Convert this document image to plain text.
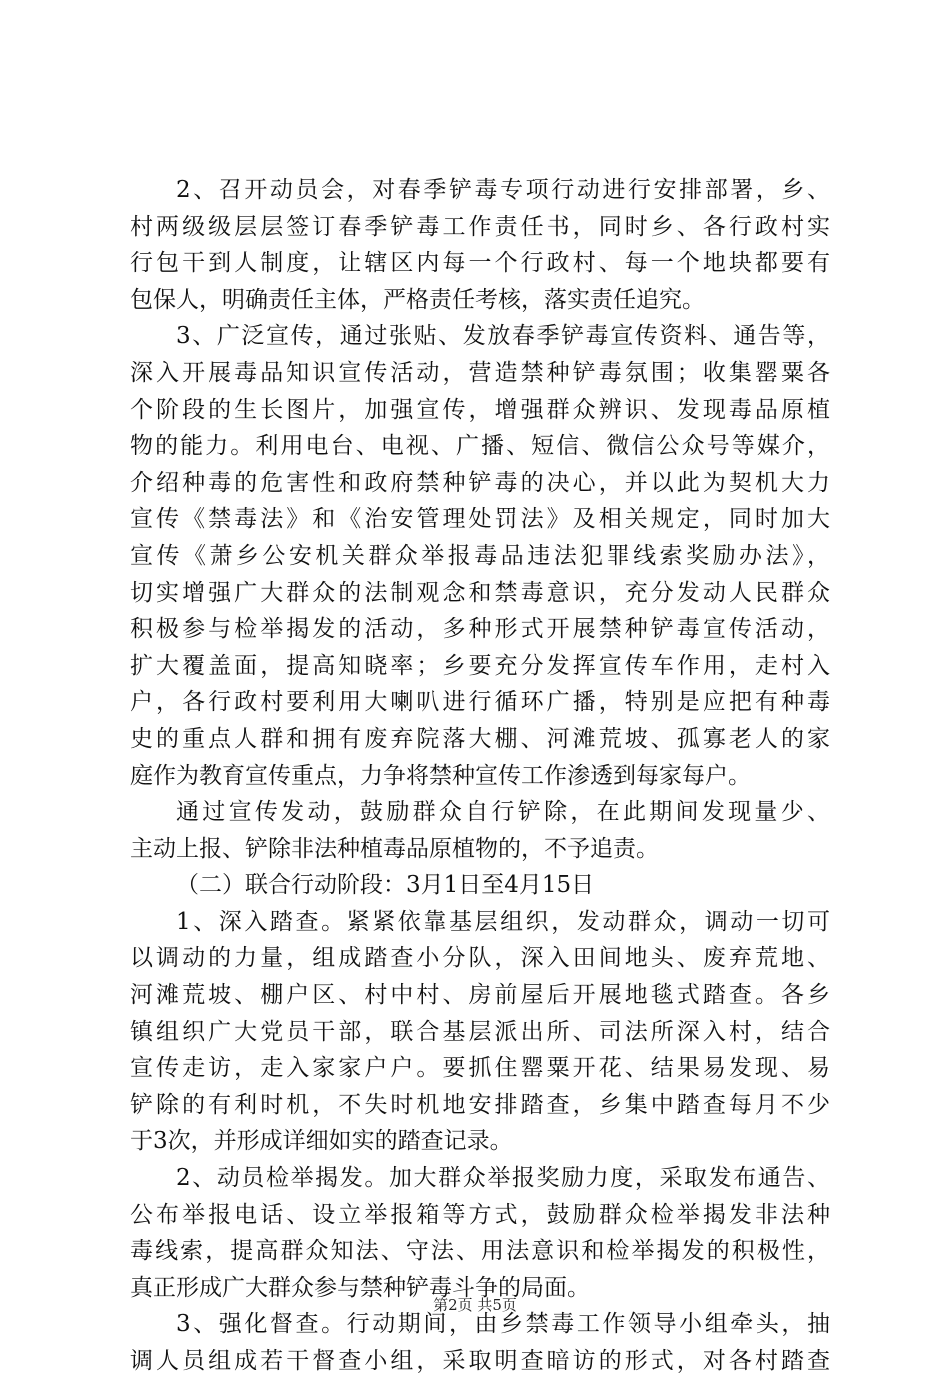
2、召开动员会，对春季铲毒专项行动进行安排部署，乡、
村两级级层层签订春季铲毒工作责任书，同时乡、各行政村实
行包干到人制度，让辖区内每一个行政村、每一个地块都要有
包保人，明确责任主体，严格责任考核，落实责任追究。
3、广泛宣传，通过张贴、发放春季铲毒宣传资料、通告等，
深入开展毒品知识宣传活动，营造禁种铲毒氛围；收集罂粟各
个阶段的生长图片，加强宣传，增强群众辨识、发现毒品原植
物的能力。利用电台、电视、广播、短信、微信公众号等媒介，
介绍种毒的危害性和政府禁种铲毒的决心，并以此为契机大力
宣传《禁毒法》和《治安管理处罚法》及相关规定，同时加大
宣传《萧乡公安机关群众举报毒品违法犯罪线索奖励办法》，
切实增强广大群众的法制观念和禁毒意识，充分发动人民群众
积极参与检举揭发的活动，多种形式开展禁种铲毒宣传活动，
扩大覆盖面，提高知晓率；乡要充分发挥宣传车作用，走村入
户，各行政村要利用大喇叭进行循环广播，特别是应把有种毒
史的重点人群和拥有废弃院落大棚、河滩荒坡、孤寡老人的家
庭作为教育宣传重点，力争将禁种宣传工作渗透到每家每户。
通过宣传发动，鼓励群众自行铲除，在此期间发现量少、
主动上报、铲除非法种植毒品原植物的，不予追责。
（二）联合行动阶段：3月1日至4月15日
1、深入踏查。紧紧依靠基层组织，发动群众，调动一切可
以调动的力量，组成踏查小分队，深入田间地头、废弃荒地、
河滩荒坡、棚户区、村中村、房前屋后开展地毯式踏查。各乡
镇组织广大党员干部，联合基层派出所、司法所深入村，结合
宣传走访，走入家家户户。要抓住罂粟开花、结果易发现、易
铲除的有利时机，不失时机地安排踏查，乡集中踏查每月不少
于3次，并形成详细如实的踏查记录。
2、动员检举揭发。加大群众举报奖励力度，采取发布通告、
公布举报电话、设立举报箱等方式，鼓励群众检举揭发非法种
毒线索，提高群众知法、守法、用法意识和检举揭发的积极性，
真正形成广大群众参与禁种铲毒斗争的局面。
3、强化督查。行动期间，由乡禁毒工作领导小组牵头，抽
调人员组成若干督查小组，采取明查暗访的形式，对各村踏查
第2页 共5页
